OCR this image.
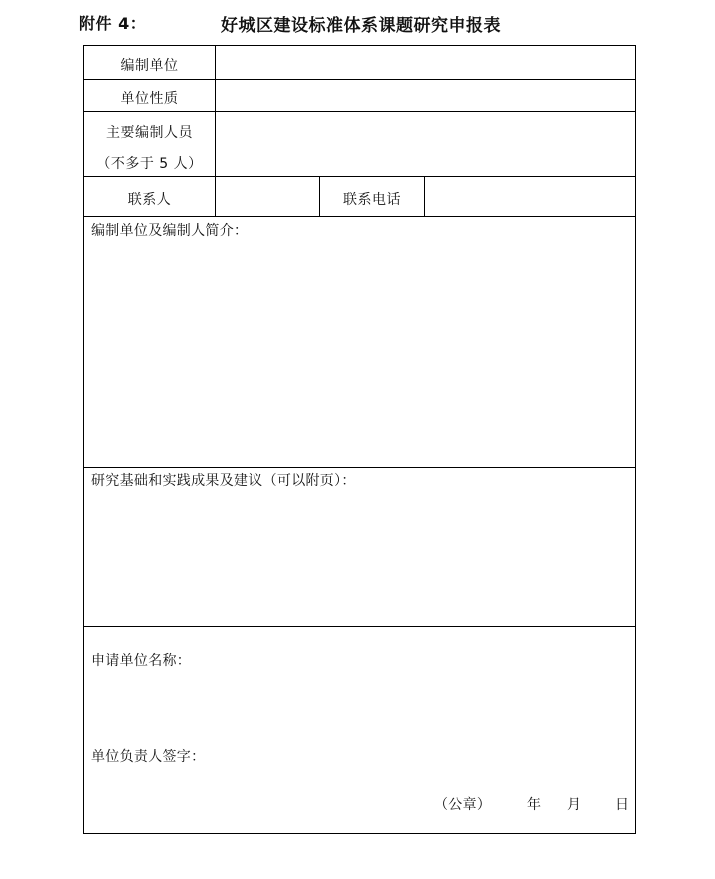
附件 4：	好城区建设标准体系课题研究申报表
编制单位
单位性质
主要编制人员
（不多于 5 人）
联系人	联系电话
编制单位及编制人简介：
研究基础和实践成果及建议（可以附页）：
申请单位名称：
单位负责人签字：
（公章）	年 月 日
